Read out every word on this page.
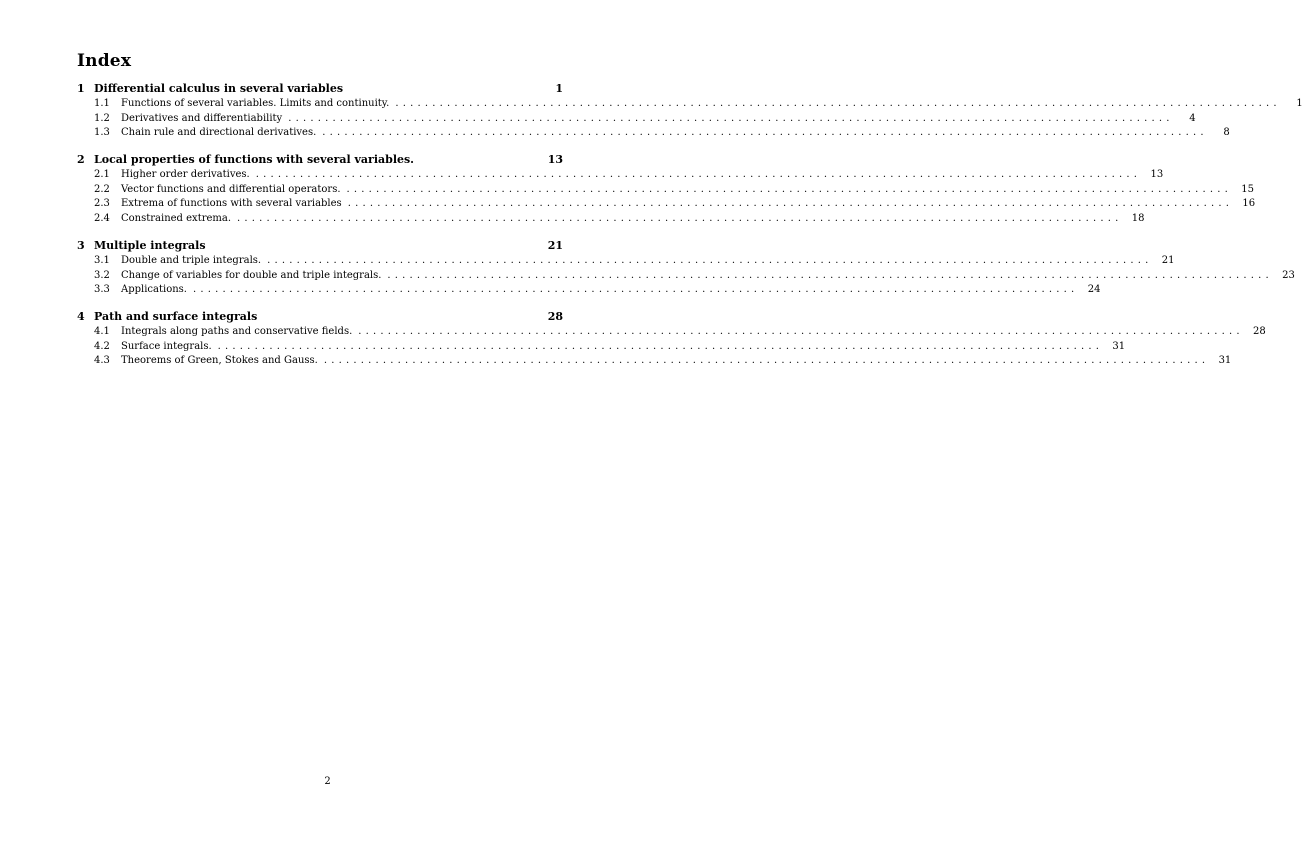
Index
1 Differential calculus in several variables	1
1.1	Functions of several variables. Limits and continuity. ........................................................................................................................	1
1.2	Derivatives and differentiability ........................................................................................................................	4
1.3	Chain rule and directional derivatives. ........................................................................................................................	8
2 Local properties of functions with several variables.	13
2.1	Higher order derivatives. ........................................................................................................................ 13
2.2	Vector functions and differential operators. ........................................................................................................................ 15
2.3	Extrema of functions with several variables ........................................................................................................................ 16
2.4	Constrained extrema. ........................................................................................................................ 18
3 Multiple integrals	21
3.1	Double and triple integrals. ........................................................................................................................ 21
3.2	Change of variables for double and triple integrals. ........................................................................................................................ 23
3.3	Applications. ........................................................................................................................ 24
4 Path and surface integrals	28
4.1	Integrals along paths and conservative fields. ........................................................................................................................ 28
4.2	Surface integrals. ........................................................................................................................ 31
4.3	Theorems of Green, Stokes and Gauss. ........................................................................................................................ 31
2
